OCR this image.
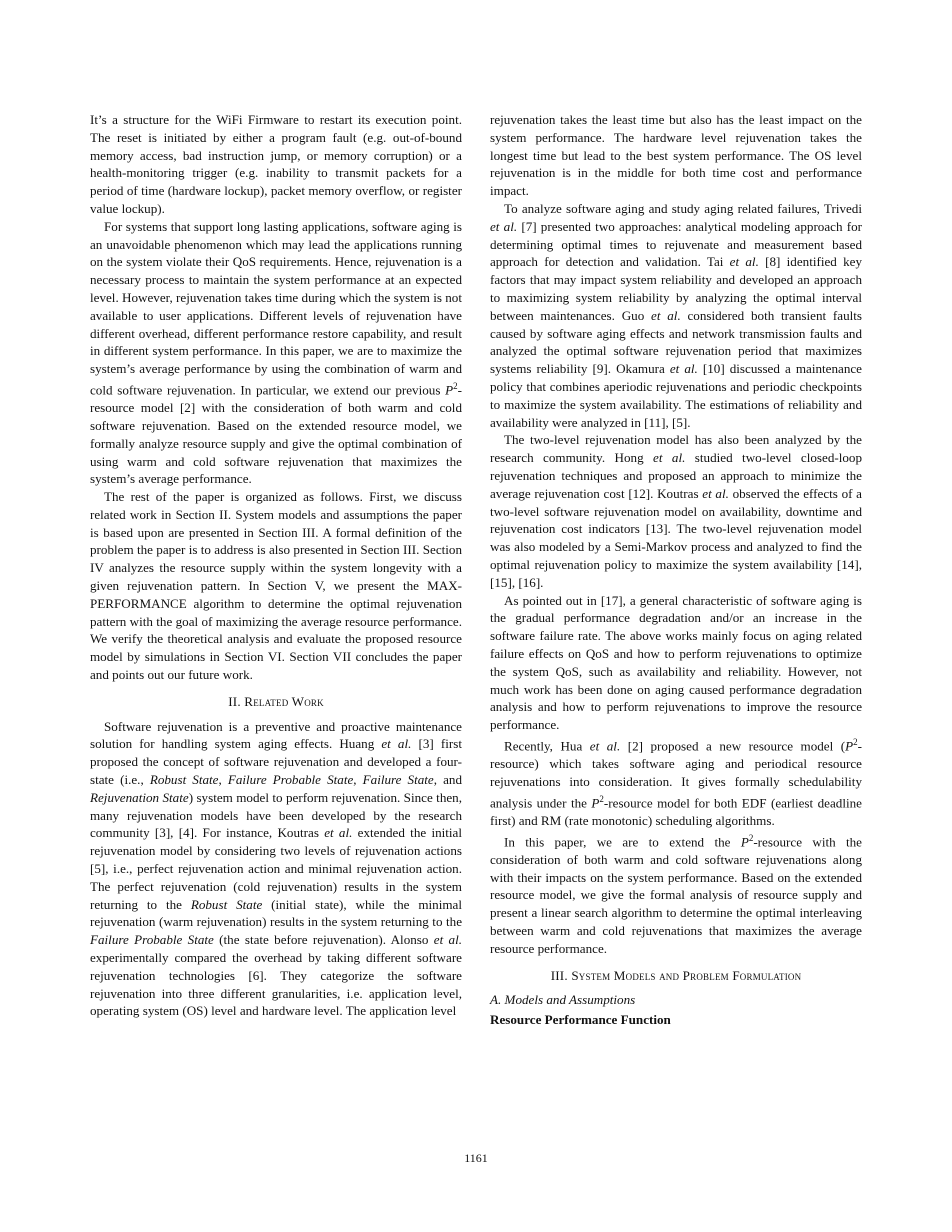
It’s a structure for the WiFi Firmware to restart its execution point. The reset is initiated by either a program fault (e.g. out-of-bound memory access, bad instruction jump, or memory corruption) or a health-monitoring trigger (e.g. inability to transmit packets for a period of time (hardware lockup), packet memory overflow, or register value lockup).

For systems that support long lasting applications, software aging is an unavoidable phenomenon which may lead the applications running on the system violate their QoS requirements. Hence, rejuvenation is a necessary process to maintain the system performance at an expected level. However, rejuvenation takes time during which the system is not available to user applications. Different levels of rejuvenation have different overhead, different performance restore capability, and result in different system performance. In this paper, we are to maximize the system’s average performance by using the combination of warm and cold software rejuvenation. In particular, we extend our previous $P^2$-resource model [2] with the consideration of both warm and cold software rejuvenation. Based on the extended resource model, we formally analyze resource supply and give the optimal combination of using warm and cold software rejuvenation that maximizes the system’s average performance.

The rest of the paper is organized as follows. First, we discuss related work in Section II. System models and assumptions the paper is based upon are presented in Section III. A formal definition of the problem the paper is to address is also presented in Section III. Section IV analyzes the resource supply within the system longevity with a given rejuvenation pattern. In Section V, we present the MAX-PERFORMANCE algorithm to determine the optimal rejuvenation pattern with the goal of maximizing the average resource performance. We verify the theoretical analysis and evaluate the proposed resource model by simulations in Section VI. Section VII concludes the paper and points out our future work.

II. Related Work

Software rejuvenation is a preventive and proactive maintenance solution for handling system aging effects. Huang et al. [3] first proposed the concept of software rejuvenation and developed a four-state (i.e., Robust State, Failure Probable State, Failure State, and Rejuvenation State) system model to perform rejuvenation. Since then, many rejuvenation models have been developed by the research community [3], [4]. For instance, Koutras et al. extended the initial rejuvenation model by considering two levels of rejuvenation actions [5], i.e., perfect rejuvenation action and minimal rejuvenation action. The perfect rejuvenation (cold rejuvenation) results in the system returning to the Robust State (initial state), while the minimal rejuvenation (warm rejuvenation) results in the system returning to the Failure Probable State (the state before rejuvenation). Alonso et al. experimentally compared the overhead by taking different software rejuvenation technologies [6]. They categorize the software rejuvenation into three different granularities, i.e. application level, operating system (OS) level and hardware level. The application level

rejuvenation takes the least time but also has the least impact on the system performance. The hardware level rejuvenation takes the longest time but lead to the best system performance. The OS level rejuvenation is in the middle for both time cost and performance impact.

To analyze software aging and study aging related failures, Trivedi et al. [7] presented two approaches: analytical modeling approach for determining optimal times to rejuvenate and measurement based approach for detection and validation. Tai et al. [8] identified key factors that may impact system reliability and developed an approach to maximizing system reliability by analyzing the optimal interval between maintenances. Guo et al. considered both transient faults caused by software aging effects and network transmission faults and analyzed the optimal software rejuvenation period that maximizes systems reliability [9]. Okamura et al. [10] discussed a maintenance policy that combines aperiodic rejuvenations and periodic checkpoints to maximize the system availability. The estimations of reliability and availability were analyzed in [11], [5].

The two-level rejuvenation model has also been analyzed by the research community. Hong et al. studied two-level closed-loop rejuvenation techniques and proposed an approach to minimize the average rejuvenation cost [12]. Koutras et al. observed the effects of a two-level software rejuvenation model on availability, downtime and rejuvenation cost indicators [13]. The two-level rejuvenation model was also modeled by a Semi-Markov process and analyzed to find the optimal rejuvenation policy to maximize the system availability [14], [15], [16].

As pointed out in [17], a general characteristic of software aging is the gradual performance degradation and/or an increase in the software failure rate. The above works mainly focus on aging related failure effects on QoS and how to perform rejuvenations to optimize the system QoS, such as availability and reliability. However, not much work has been done on aging caused performance degradation analysis and how to perform rejuvenations to improve the resource performance.

Recently, Hua et al. [2] proposed a new resource model $(P^2-resource)$ which takes software aging and periodical resource rejuvenations into consideration. It gives formally schedulability analysis under the $P^2$-resource model for both EDF (earliest deadline first) and RM (rate monotonic) scheduling algorithms.

In this paper, we are to extend the $P^2$-resource with the consideration of both warm and cold software rejuvenations along with their impacts on the system performance. Based on the extended resource model, we give the formal analysis of resource supply and present a linear search algorithm to determine the optimal interleaving between warm and cold rejuvenations that maximizes the average resource performance.

III. System Models and Problem Formulation
A. Models and Assumptions
Resource Performance Function
1161
